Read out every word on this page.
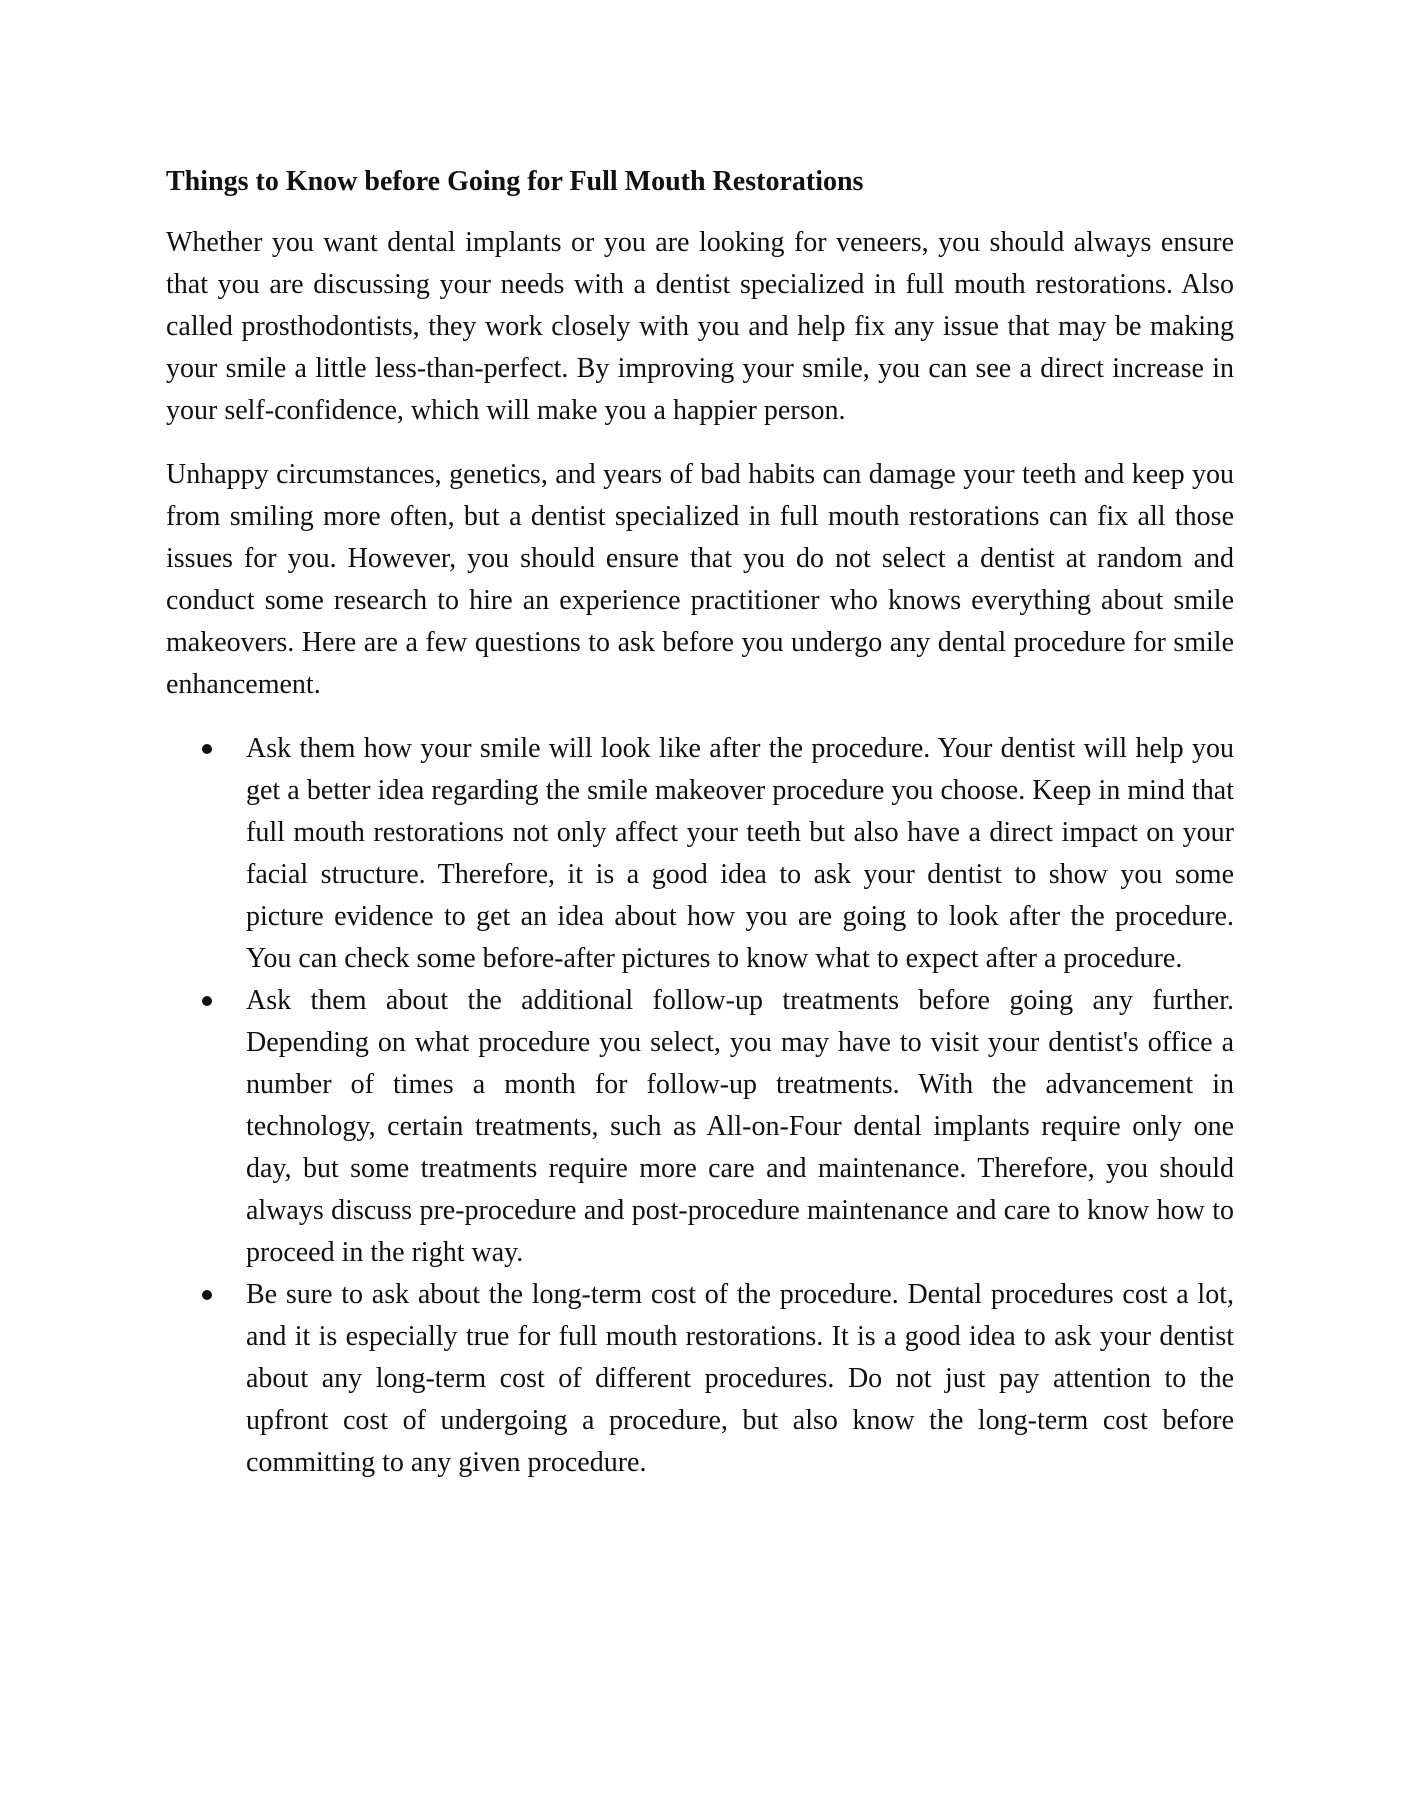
Things to Know before Going for Full Mouth Restorations

Whether you want dental implants or you are looking for veneers, you should always ensure that you are discussing your needs with a dentist specialized in full mouth restorations. Also called prosthodontists, they work closely with you and help fix any issue that may be making your smile a little less-than-perfect. By improving your smile, you can see a direct increase in your self-confidence, which will make you a happier person.

Unhappy circumstances, genetics, and years of bad habits can damage your teeth and keep you from smiling more often, but a dentist specialized in full mouth restorations can fix all those issues for you. However, you should ensure that you do not select a dentist at random and conduct some research to hire an experience practitioner who knows everything about smile makeovers. Here are a few questions to ask before you undergo any dental procedure for smile enhancement.

Ask them how your smile will look like after the procedure. Your dentist will help you get a better idea regarding the smile makeover procedure you choose. Keep in mind that full mouth restorations not only affect your teeth but also have a direct impact on your facial structure. Therefore, it is a good idea to ask your dentist to show you some picture evidence to get an idea about how you are going to look after the procedure. You can check some before-after pictures to know what to expect after a procedure.
Ask them about the additional follow-up treatments before going any further. Depending on what procedure you select, you may have to visit your dentist's office a number of times a month for follow-up treatments. With the advancement in technology, certain treatments, such as All-on-Four dental implants require only one day, but some treatments require more care and maintenance. Therefore, you should always discuss pre-procedure and post-procedure maintenance and care to know how to proceed in the right way.
Be sure to ask about the long-term cost of the procedure. Dental procedures cost a lot, and it is especially true for full mouth restorations. It is a good idea to ask your dentist about any long-term cost of different procedures. Do not just pay attention to the upfront cost of undergoing a procedure, but also know the long-term cost before committing to any given procedure.
